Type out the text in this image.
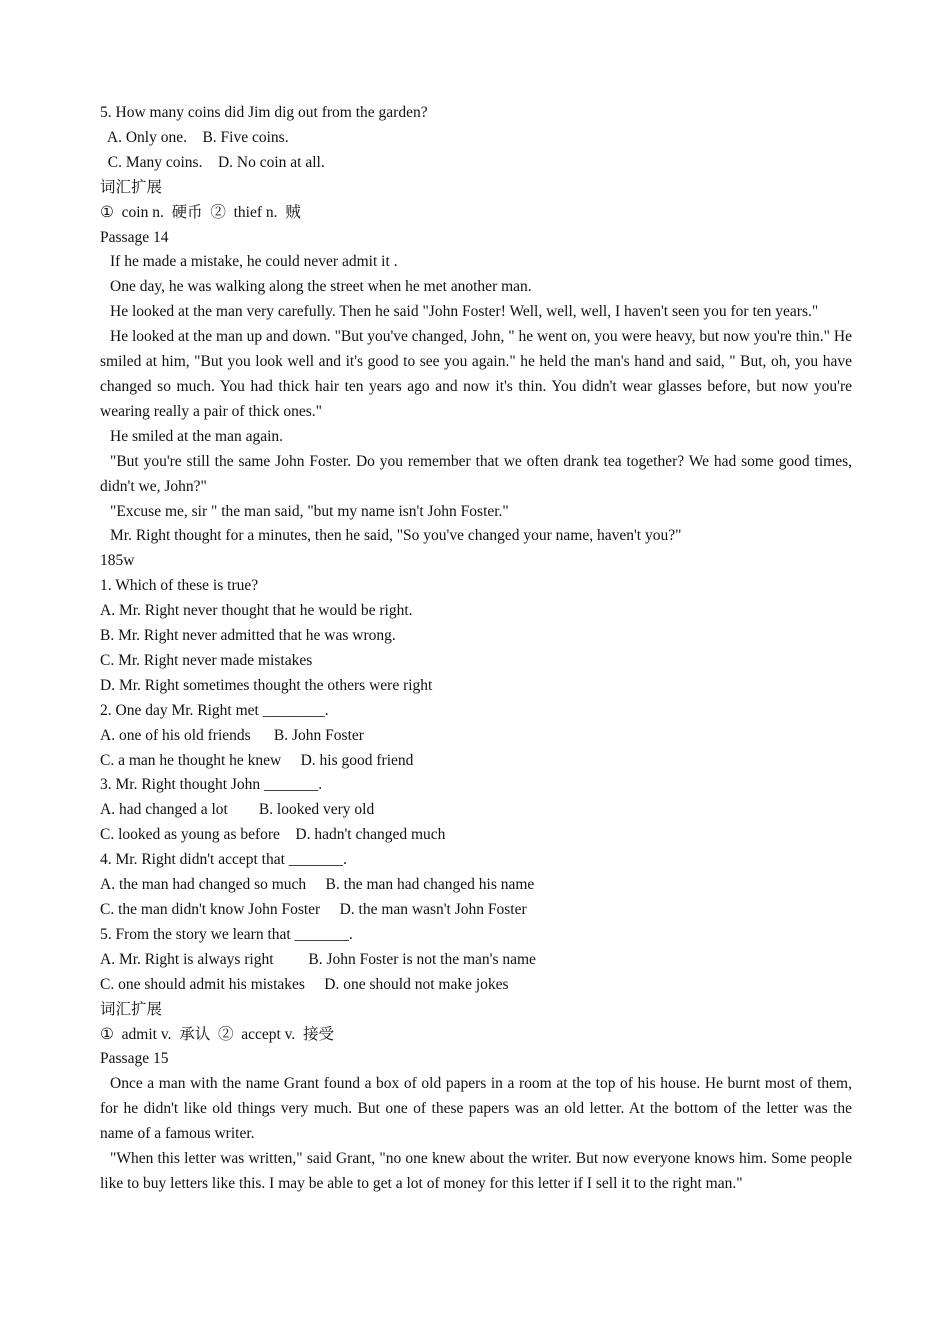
5. How many coins did Jim dig out from the garden?
A. Only one.    B. Five coins.
C. Many coins.    D. No coin at all.
词汇扩展
①  coin n.  硬币  ②  thief n.  贼
Passage 14
If he made a mistake, he could never admit it .
One day, he was walking along the street when he met another man.
He looked at the man very carefully. Then he said "John Foster! Well, well, well, I haven't seen you for ten years."
He looked at the man up and down. "But you've changed, John, " he went on, you were heavy, but now you're thin." He smiled at him, "But you look well and it's good to see you again." he held the man's hand and said, " But, oh, you have changed so much. You had thick hair ten years ago and now it's thin. You didn't wear glasses before, but now you're wearing really a pair of thick ones."
He smiled at the man again.
"But you're still the same John Foster. Do you remember that we often drank tea together? We had some good times, didn't we, John?"
"Excuse me, sir " the man said, "but my name isn't John Foster."
Mr. Right thought for a minutes, then he said, "So you've changed your name, haven't you?"
185w
1. Which of these is true?
A. Mr. Right never thought that he would be right.
B. Mr. Right never admitted that he was wrong.
C. Mr. Right never made mistakes
D. Mr. Right sometimes thought the others were right
2. One day Mr. Right met ________.
A. one of his old friends      B. John Foster
C. a man he thought he knew     D. his good friend
3. Mr. Right thought John _______.
A. had changed a lot        B. looked very old
C. looked as young as before    D. hadn't changed much
4. Mr. Right didn't accept that _______.
A. the man had changed so much     B. the man had changed his name
C. the man didn't know John Foster     D. the man wasn't John Foster
5. From the story we learn that _______.
A. Mr. Right is always right         B. John Foster is not the man's name
C. one should admit his mistakes     D. one should not make jokes
词汇扩展
①  admit v.  承认  ②  accept v.  接受
Passage 15
Once a man with the name Grant found a box of old papers in a room at the top of his house. He burnt most of them, for he didn't like old things very much. But one of these papers was an old letter. At the bottom of the letter was the name of a famous writer.
"When this letter was written," said Grant, "no one knew about the writer. But now everyone knows him. Some people like to buy letters like this. I may be able to get a lot of money for this letter if I sell it to the right man."
